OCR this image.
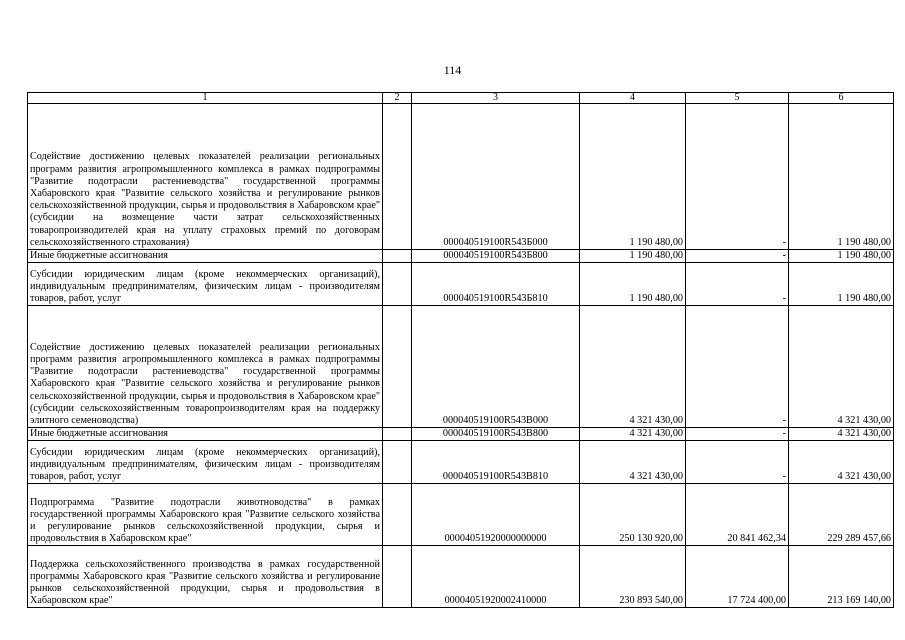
114
1	2	3	4	5	6
Содействие достижению целевых показателей реализации региональных программ развития агропромышленного комплекса в рамках подпрограммы "Развитие подотрасли растениеводства" государственной программы Хабаровского края "Развитие сельского хозяйства и регулирование рынков сельскохозяйственной продукции, сырья и продовольствия в Хабаровском крае" (субсидии на возмещение части затрат сельскохозяйственных товаропроизводителей края на уплату страховых премий по договорам сельскохозяйственного страхования)		000040519100R543Б000	1 190 480,00	-	1 190 480,00
Иные бюджетные ассигнования		000040519100R543Б800	1 190 480,00	-	1 190 480,00
Субсидии юридическим лицам (кроме некоммерческих организаций), индивидуальным предпринимателям, физическим лицам - производителям товаров, работ, услуг		000040519100R543Б810	1 190 480,00	-	1 190 480,00
Содействие достижению целевых показателей реализации региональных программ развития агропромышленного комплекса в рамках подпрограммы "Развитие подотрасли растениеводства" государственной программы Хабаровского края "Развитие сельского хозяйства и регулирование рынков сельскохозяйственной продукции, сырья и продовольствия в Хабаровском крае" (субсидии сельскохозяйственным товаропроизводителям края на поддержку элитного семеноводства)		000040519100R543В000	4 321 430,00	-	4 321 430,00
Иные бюджетные ассигнования		000040519100R543В800	4 321 430,00	-	4 321 430,00
Субсидии юридическим лицам (кроме некоммерческих организаций), индивидуальным предпринимателям, физическим лицам - производителям товаров, работ, услуг		000040519100R543В810	4 321 430,00	-	4 321 430,00
Подпрограмма "Развитие подотрасли животноводства" в рамках государственной программы Хабаровского края "Развитие сельского хозяйства и регулирование рынков сельскохозяйственной продукции, сырья и продовольствия в Хабаровском крае"		00004051920000000000	250 130 920,00	20 841 462,34	229 289 457,66
Поддержка сельскохозяйственного производства в рамках государственной программы Хабаровского края "Развитие сельского хозяйства и регулирование рынков сельскохозяйственной продукции, сырья и продовольствия в Хабаровском крае"		00004051920002410000	230 893 540,00	17 724 400,00	213 169 140,00
